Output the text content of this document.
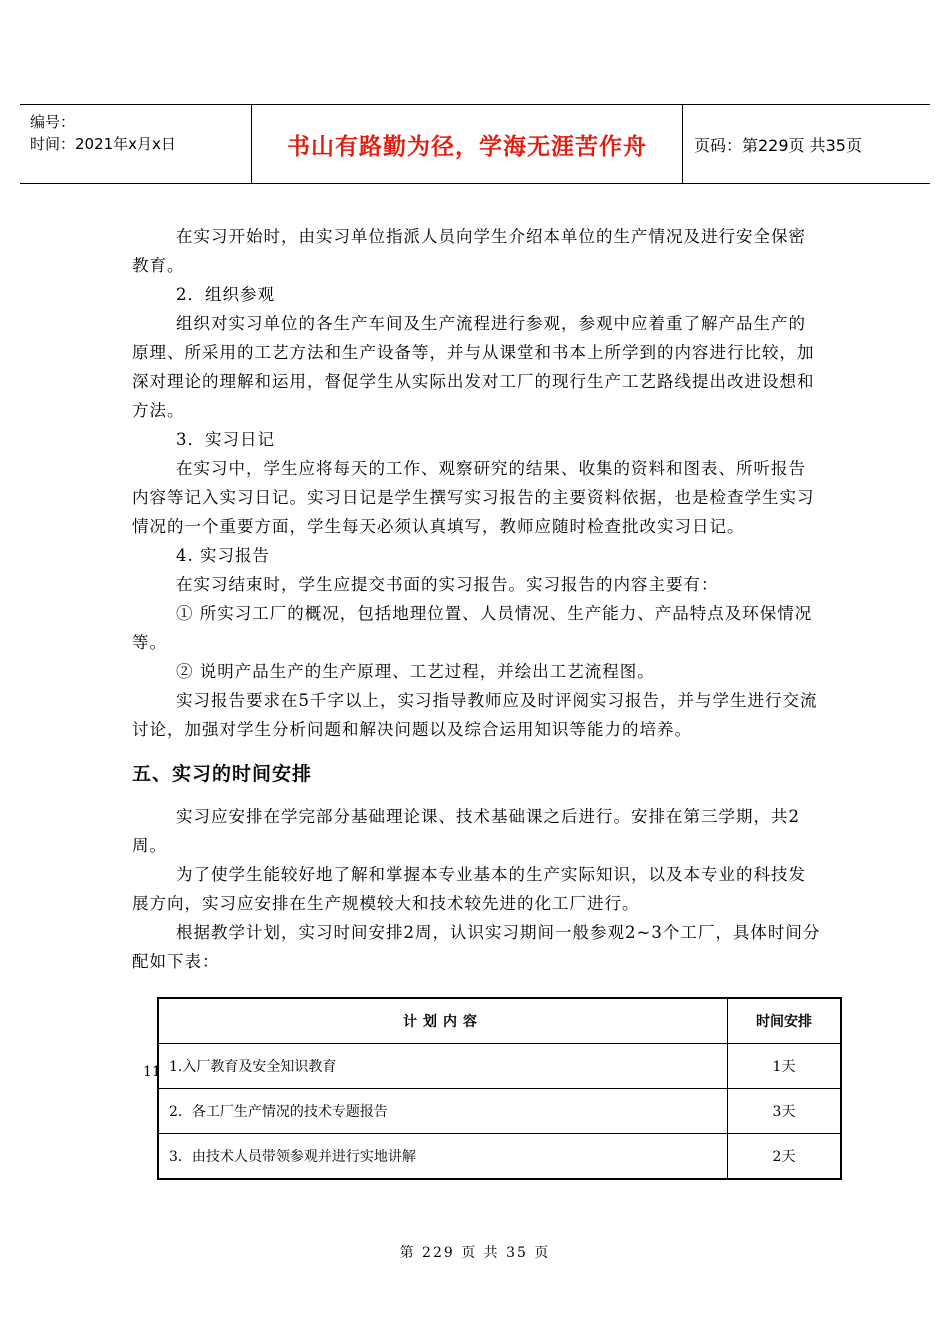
编号：
时间：2021年x月x日	书山有路勤为径，学海无涯苦作舟	页码：第229页 共35页

在实习开始时，由实习单位指派人员向学生介绍本单位的生产情况及进行安全保密教育。

2．组织参观

组织对实习单位的各生产车间及生产流程进行参观，参观中应着重了解产品生产的原理、所采用的工艺方法和生产设备等，并与从课堂和书本上所学到的内容进行比较，加深对理论的理解和运用，督促学生从实际出发对工厂的现行生产工艺路线提出改进设想和方法。

3．实习日记

在实习中，学生应将每天的工作、观察研究的结果、收集的资料和图表、所听报告内容等记入实习日记。实习日记是学生撰写实习报告的主要资料依据，也是检查学生实习情况的一个重要方面，学生每天必须认真填写，教师应随时检查批改实习日记。

4. 实习报告

在实习结束时，学生应提交书面的实习报告。实习报告的内容主要有：

① 所实习工厂的概况，包括地理位置、人员情况、生产能力、产品特点及环保情况等。

② 说明产品生产的生产原理、工艺过程，并绘出工艺流程图。

实习报告要求在5千字以上，实习指导教师应及时评阅实习报告，并与学生进行交流讨论，加强对学生分析问题和解决问题以及综合运用知识等能力的培养。

五、实习的时间安排

实习应安排在学完部分基础理论课、技术基础课之后进行。安排在第三学期，共2周。

为了使学生能较好地了解和掌握本专业基本的生产实际知识，以及本专业的科技发展方向，实习应安排在生产规模较大和技术较先进的化工厂进行。

根据教学计划，实习时间安排2周，认识实习期间一般参观2~3个工厂，具体时间分配如下表：

11
计划内容	时间安排
1.入厂教育及安全知识教育	1天
2．各工厂生产情况的技术专题报告	3天
3．由技术人员带领参观并进行实地讲解	2天
第 229 页 共 35 页
